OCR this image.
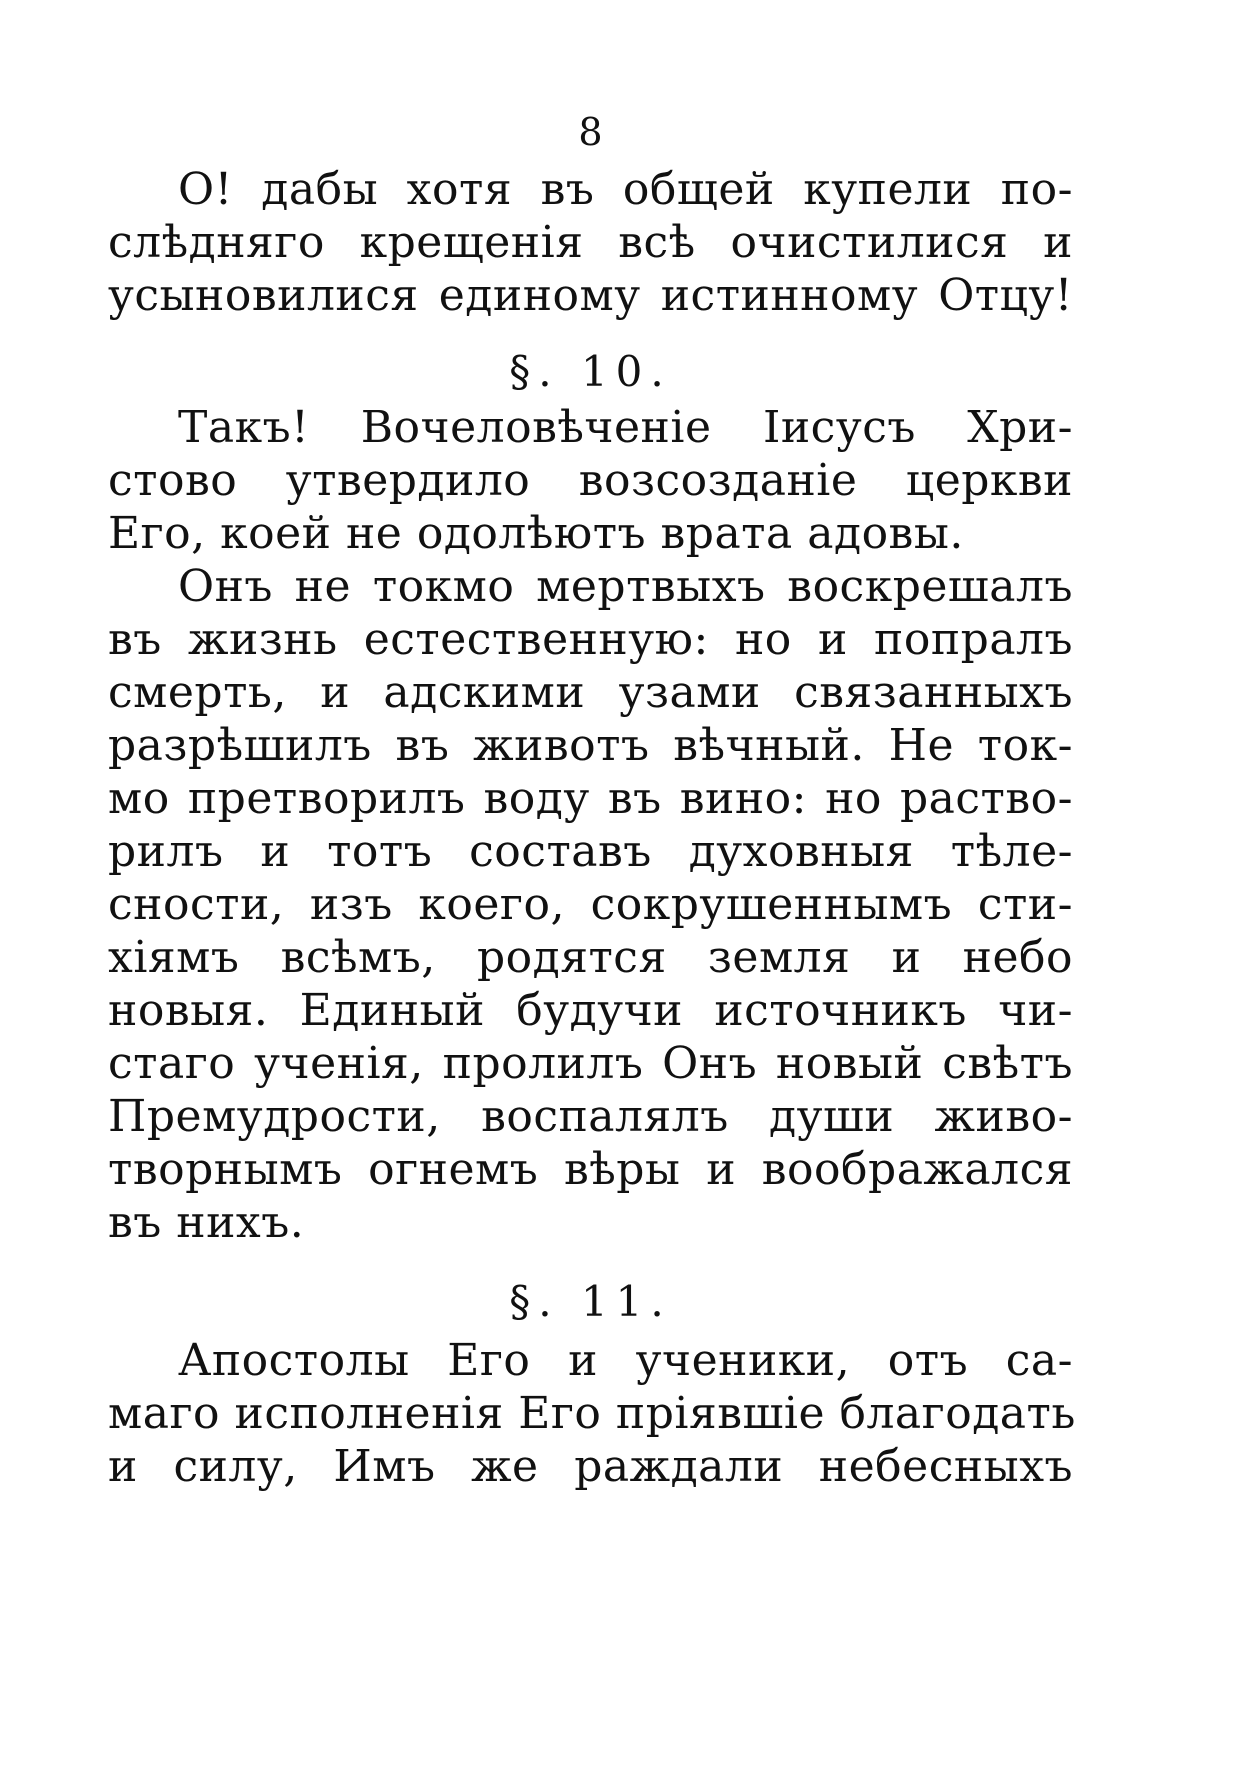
8
О! дабы хотя въ общей купели по-
слѣдняго крещенія всѣ очистилися и
усыновилися единому истинному Отцу!
§. 10.
Такъ! Вочеловѣченіе Іисусъ Хри-
стово утвердило возсозданіе церкви
Его, коей не одолѣютъ врата адовы.
Онъ не токмо мертвыхъ воскрешалъ
въ жизнь естественную: но и попралъ
смерть, и адскими узами связанныхъ
разрѣшилъ въ животъ вѣчный. Не ток-
мо претворилъ воду въ вино: но раство-
рилъ и тотъ составъ духовныя тѣле-
сности, изъ коего, сокрушеннымъ сти-
хіямъ всѣмъ, родятся земля и небо
новыя. Единый будучи источникъ чи-
стаго ученія, пролилъ Онъ новый свѣтъ
Премудрости, воспалялъ души живо-
творнымъ огнемъ вѣры и воображался
въ нихъ.
§. 11.
Апостолы Его и ученики, отъ са-
маго исполненія Его пріявшіе благодать
и силу, Имъ же раждали небесныхъ
